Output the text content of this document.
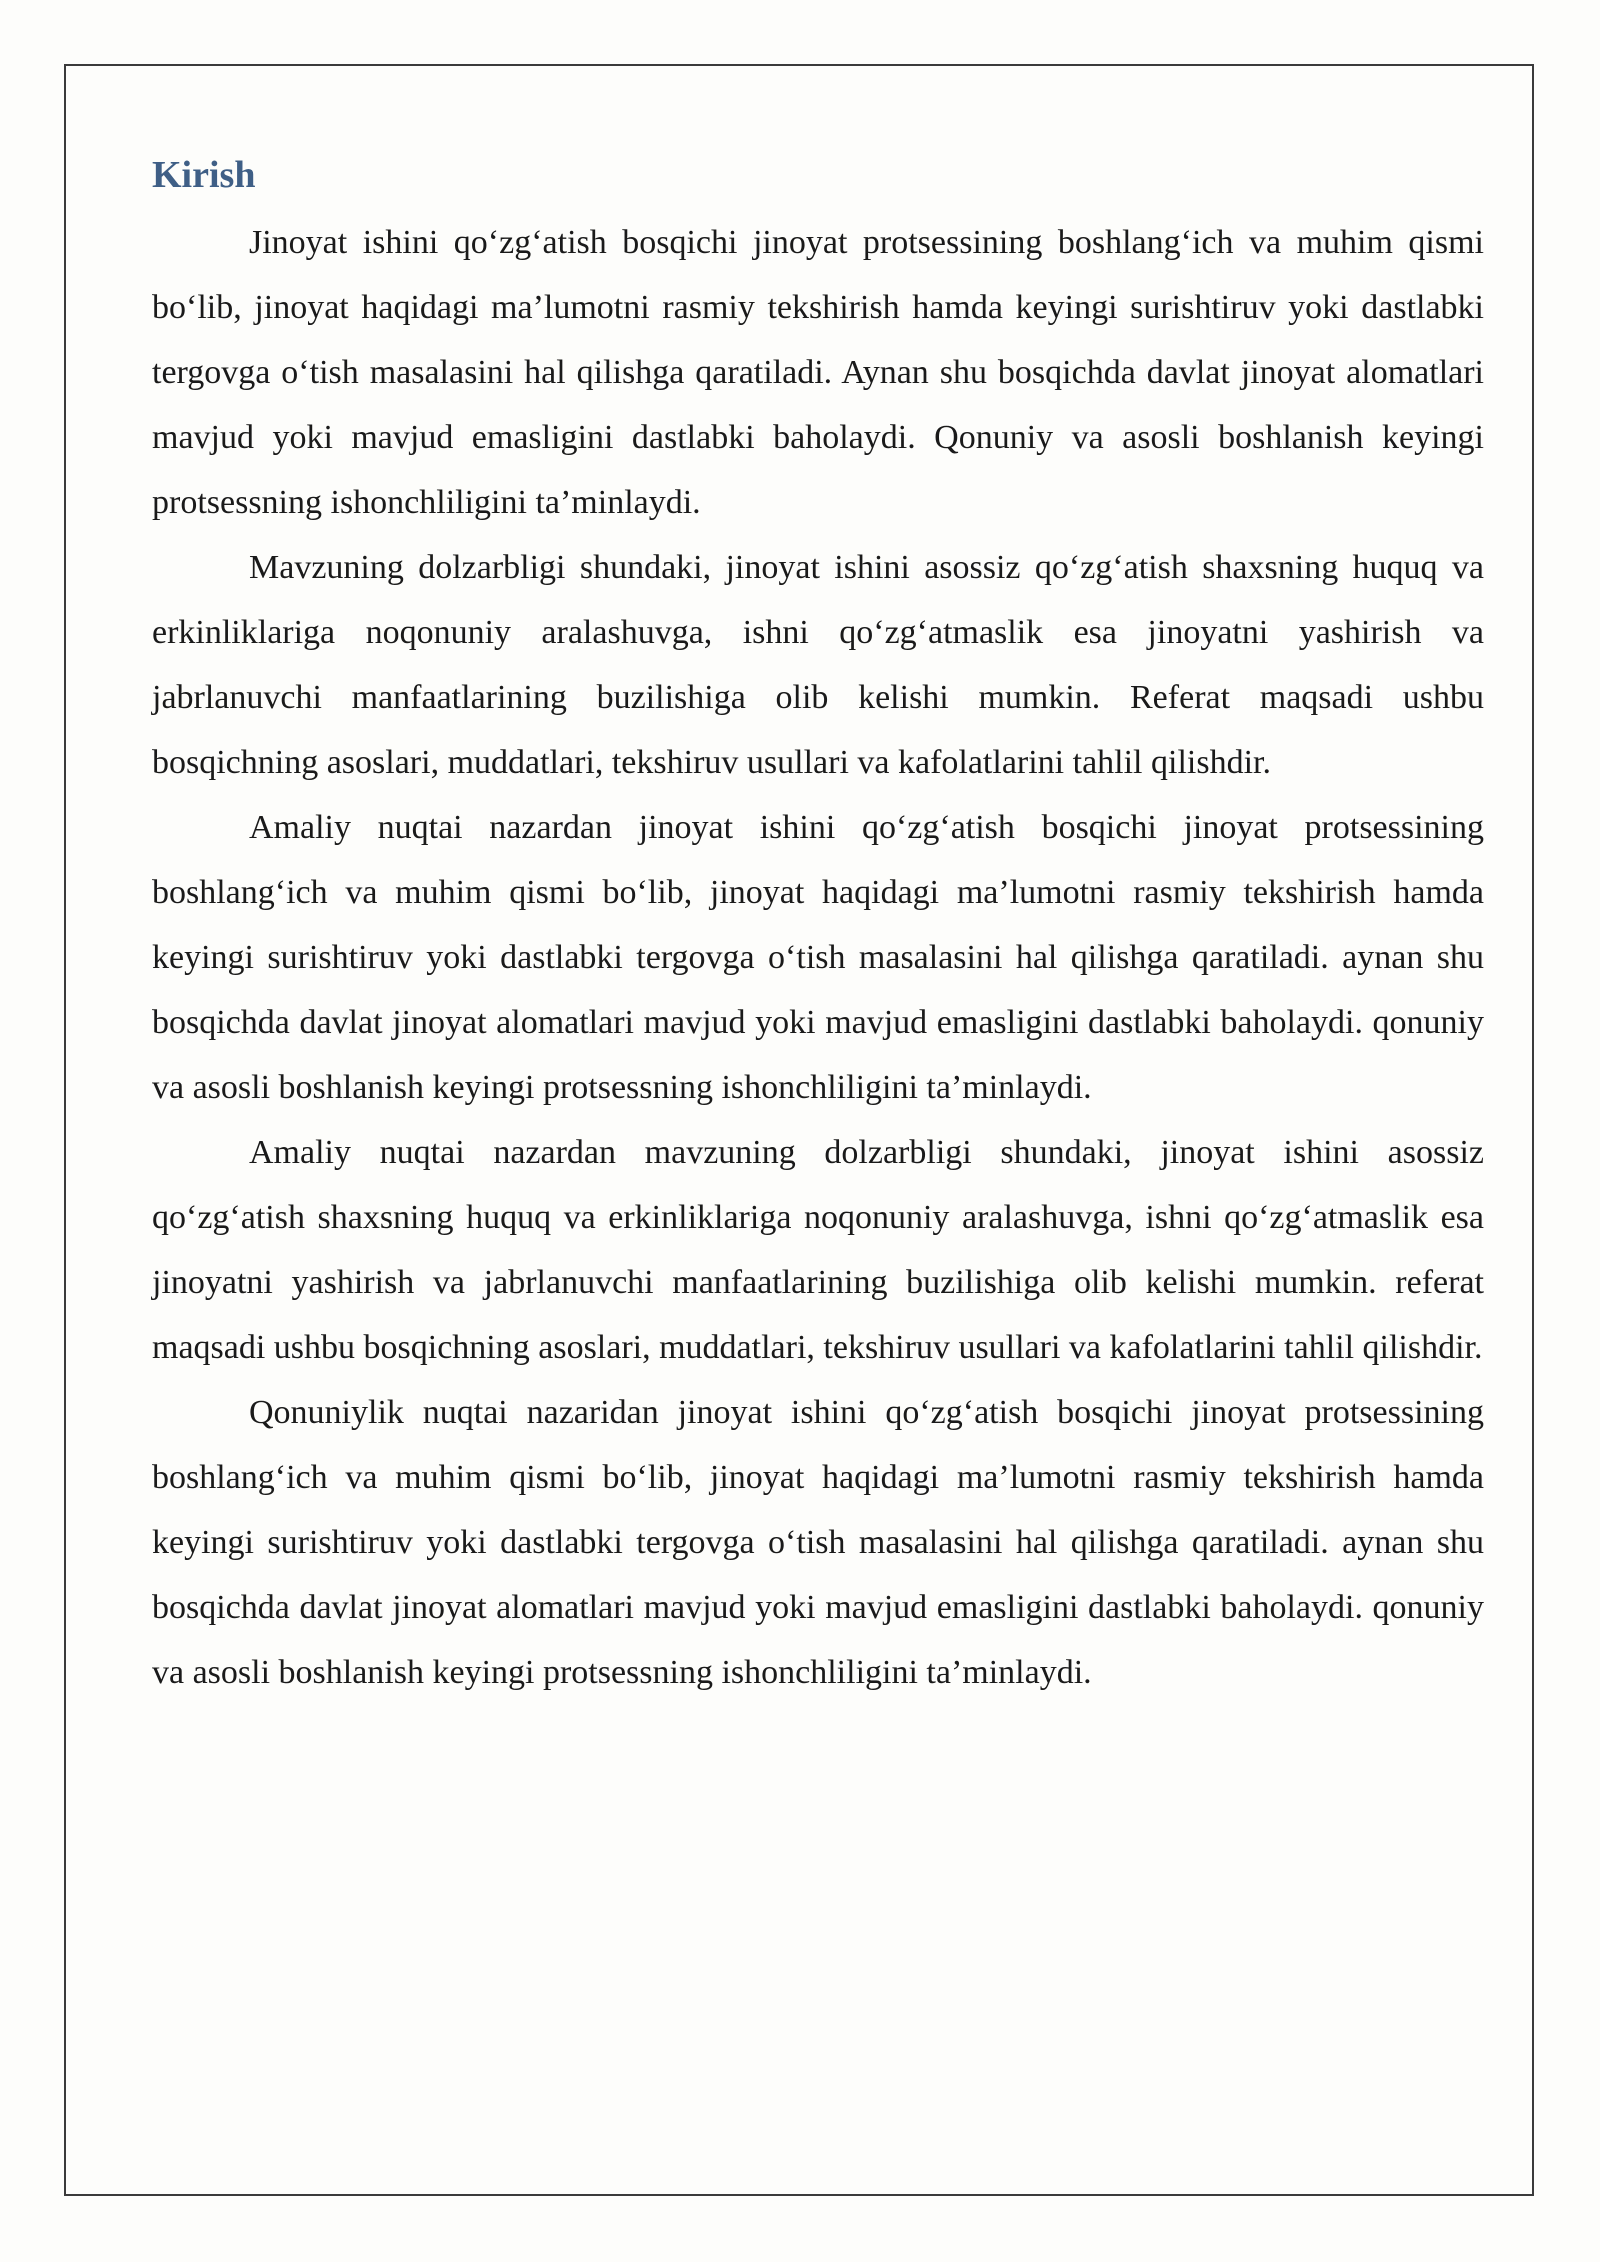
Kirish

Jinoyat ishini qo‘zg‘atish bosqichi jinoyat protsessining boshlang‘ich va muhim qismi bo‘lib, jinoyat haqidagi ma’lumotni rasmiy tekshirish hamda keyingi surishtiruv yoki dastlabki tergovga o‘tish masalasini hal qilishga qaratiladi. Aynan shu bosqichda davlat jinoyat alomatlari mavjud yoki mavjud emasligini dastlabki baholaydi. Qonuniy va asosli boshlanish keyingi protsessning ishonchliligini ta’minlaydi.

Mavzuning dolzarbligi shundaki, jinoyat ishini asossiz qo‘zg‘atish shaxsning huquq va erkinliklariga noqonuniy aralashuvga, ishni qo‘zg‘atmaslik esa jinoyatni yashirish va jabrlanuvchi manfaatlarining buzilishiga olib kelishi mumkin. Referat maqsadi ushbu bosqichning asoslari, muddatlari, tekshiruv usullari va kafolatlarini tahlil qilishdir.

Amaliy nuqtai nazardan jinoyat ishini qo‘zg‘atish bosqichi jinoyat protsessining boshlang‘ich va muhim qismi bo‘lib, jinoyat haqidagi ma’lumotni rasmiy tekshirish hamda keyingi surishtiruv yoki dastlabki tergovga o‘tish masalasini hal qilishga qaratiladi. aynan shu bosqichda davlat jinoyat alomatlari mavjud yoki mavjud emasligini dastlabki baholaydi. qonuniy va asosli boshlanish keyingi protsessning ishonchliligini ta’minlaydi.

Amaliy nuqtai nazardan mavzuning dolzarbligi shundaki, jinoyat ishini asossiz qo‘zg‘atish shaxsning huquq va erkinliklariga noqonuniy aralashuvga, ishni qo‘zg‘atmaslik esa jinoyatni yashirish va jabrlanuvchi manfaatlarining buzilishiga olib kelishi mumkin. referat maqsadi ushbu bosqichning asoslari, muddatlari, tekshiruv usullari va kafolatlarini tahlil qilishdir.

Qonuniylik nuqtai nazaridan jinoyat ishini qo‘zg‘atish bosqichi jinoyat protsessining boshlang‘ich va muhim qismi bo‘lib, jinoyat haqidagi ma’lumotni rasmiy tekshirish hamda keyingi surishtiruv yoki dastlabki tergovga o‘tish masalasini hal qilishga qaratiladi. aynan shu bosqichda davlat jinoyat alomatlari mavjud yoki mavjud emasligini dastlabki baholaydi. qonuniy va asosli boshlanish keyingi protsessning ishonchliligini ta’minlaydi.
